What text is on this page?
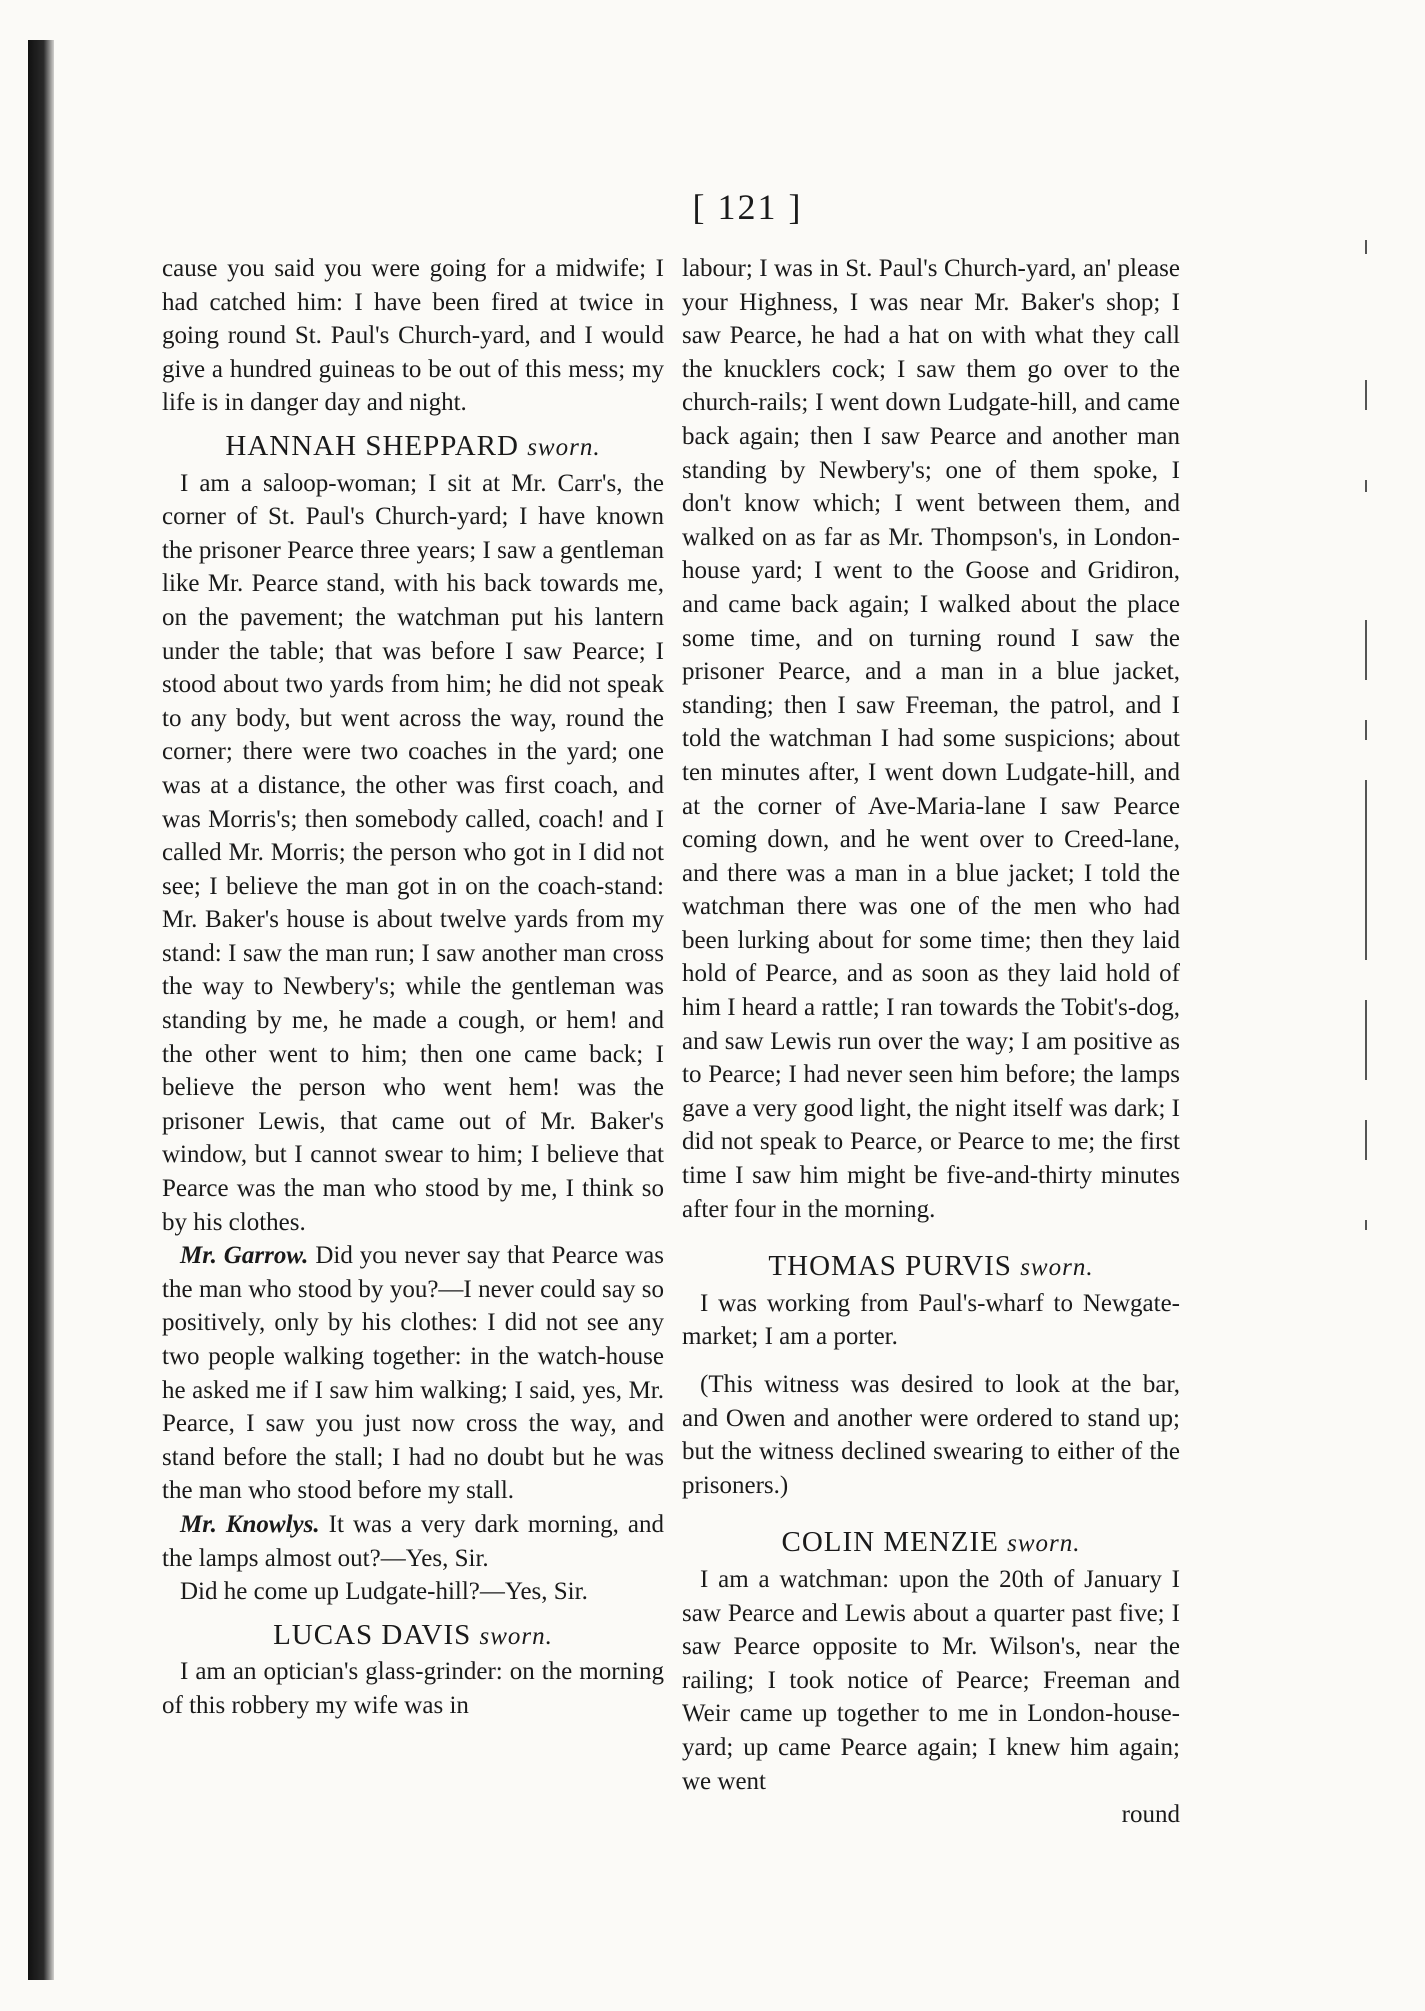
[ 121 ]

cause you said you were going for a midwife; I had catched him: I have been fired at twice in going round St. Paul's Church-yard, and I would give a hundred guineas to be out of this mess; my life is in danger day and night.

HANNAH SHEPPARD sworn.

I am a saloop-woman; I sit at Mr. Carr's, the corner of St. Paul's Church-yard; I have known the prisoner Pearce three years; I saw a gentleman like Mr. Pearce stand, with his back towards me, on the pavement; the watchman put his lantern under the table; that was before I saw Pearce; I stood about two yards from him; he did not speak to any body, but went across the way, round the corner; there were two coaches in the yard; one was at a distance, the other was first coach, and was Morris's; then somebody called, coach! and I called Mr. Morris; the person who got in I did not see; I believe the man got in on the coach-stand: Mr. Baker's house is about twelve yards from my stand: I saw the man run; I saw another man cross the way to Newbery's; while the gentleman was standing by me, he made a cough, or hem! and the other went to him; then one came back; I believe the person who went hem! was the prisoner Lewis, that came out of Mr. Baker's window, but I cannot swear to him; I believe that Pearce was the man who stood by me, I think so by his clothes.

Mr. Garrow. Did you never say that Pearce was the man who stood by you?—I never could say so positively, only by his clothes: I did not see any two people walking together: in the watch-house he asked me if I saw him walking; I said, yes, Mr. Pearce, I saw you just now cross the way, and stand before the stall; I had no doubt but he was the man who stood before my stall.

Mr. Knowlys. It was a very dark morning, and the lamps almost out?—Yes, Sir.

Did he come up Ludgate-hill?—Yes, Sir.

LUCAS DAVIS sworn.

I am an optician's glass-grinder: on the morning of this robbery my wife was in

labour; I was in St. Paul's Church-yard, an' please your Highness, I was near Mr. Baker's shop; I saw Pearce, he had a hat on with what they call the knucklers cock; I saw them go over to the church-rails; I went down Ludgate-hill, and came back again; then I saw Pearce and another man standing by Newbery's; one of them spoke, I don't know which; I went between them, and walked on as far as Mr. Thompson's, in London-house yard; I went to the Goose and Gridiron, and came back again; I walked about the place some time, and on turning round I saw the prisoner Pearce, and a man in a blue jacket, standing; then I saw Freeman, the patrol, and I told the watchman I had some suspicions; about ten minutes after, I went down Ludgate-hill, and at the corner of Ave-Maria-lane I saw Pearce coming down, and he went over to Creed-lane, and there was a man in a blue jacket; I told the watchman there was one of the men who had been lurking about for some time; then they laid hold of Pearce, and as soon as they laid hold of him I heard a rattle; I ran towards the Tobit's-dog, and saw Lewis run over the way; I am positive as to Pearce; I had never seen him before; the lamps gave a very good light, the night itself was dark; I did not speak to Pearce, or Pearce to me; the first time I saw him might be five-and-thirty minutes after four in the morning.

THOMAS PURVIS sworn.

I was working from Paul's-wharf to Newgate-market; I am a porter.

(This witness was desired to look at the bar, and Owen and another were ordered to stand up; but the witness declined swearing to either of the prisoners.)

COLIN MENZIE sworn.

I am a watchman: upon the 20th of January I saw Pearce and Lewis about a quarter past five; I saw Pearce opposite to Mr. Wilson's, near the railing; I took notice of Pearce; Freeman and Weir came up together to me in London-house-yard; up came Pearce again; I knew him again; we went

round
